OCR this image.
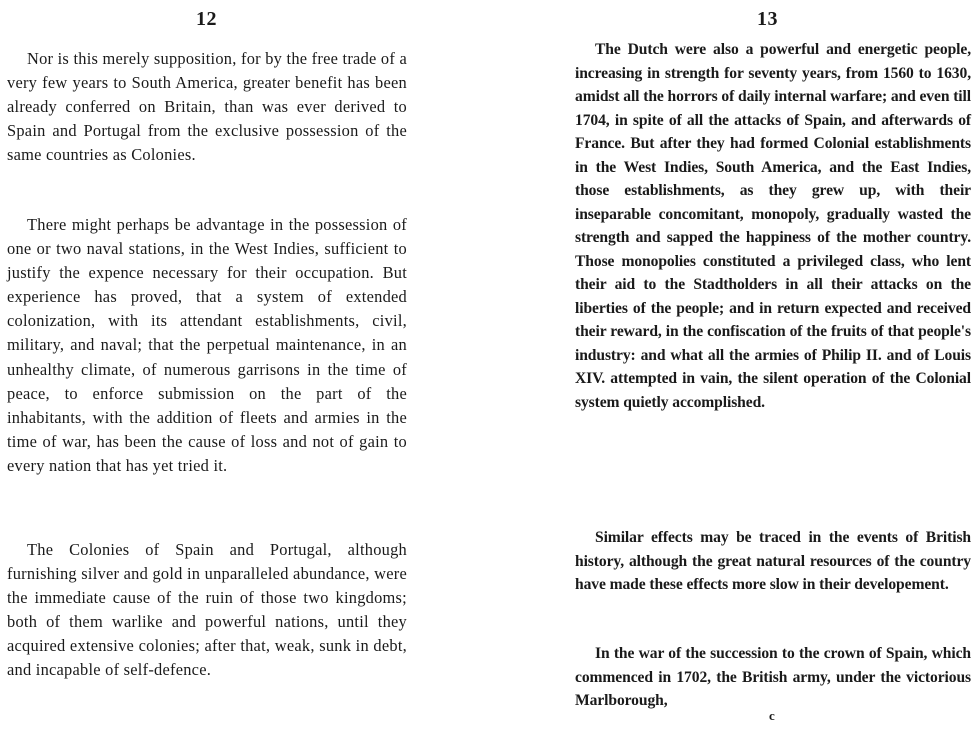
12

Nor is this merely supposition, for by the free trade of a very few years to South America, greater benefit has been already conferred on Britain, than was ever derived to Spain and Portugal from the exclusive possession of the same countries as Colonies.

There might perhaps be advantage in the possession of one or two naval stations, in the West Indies, sufficient to justify the expence necessary for their occupation. But experience has proved, that a system of extended colonization, with its attendant establishments, civil, military, and naval; that the perpetual maintenance, in an unhealthy climate, of numerous garrisons in the time of peace, to enforce submission on the part of the inhabitants, with the addition of fleets and armies in the time of war, has been the cause of loss and not of gain to every nation that has yet tried it.

The Colonies of Spain and Portugal, although furnishing silver and gold in unparalleled abundance, were the immediate cause of the ruin of those two kingdoms; both of them warlike and powerful nations, until they acquired extensive colonies; after that, weak, sunk in debt, and incapable of self-defence.

13

The Dutch were also a powerful and energetic people, increasing in strength for seventy years, from 1560 to 1630, amidst all the horrors of daily internal warfare; and even till 1704, in spite of all the attacks of Spain, and afterwards of France. But after they had formed Colonial establishments in the West Indies, South America, and the East Indies, those establishments, as they grew up, with their inseparable concomitant, monopoly, gradually wasted the strength and sapped the happiness of the mother country. Those monopolies constituted a privileged class, who lent their aid to the Stadtholders in all their attacks on the liberties of the people; and in return expected and received their reward, in the confiscation of the fruits of that people's industry: and what all the armies of Philip II. and of Louis XIV. attempted in vain, the silent operation of the Colonial system quietly accomplished.

Similar effects may be traced in the events of British history, although the great natural resources of the country have made these effects more slow in their developement.

In the war of the succession to the crown of Spain, which commenced in 1702, the British army, under the victorious Marlborough,

c
